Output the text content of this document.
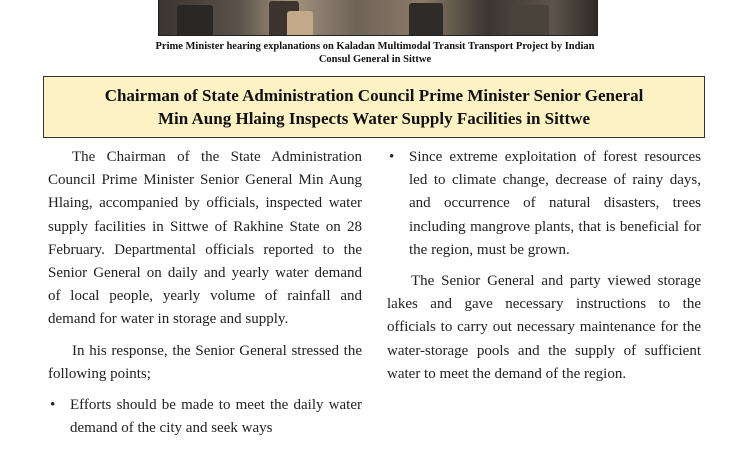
Prime Minister hearing explanations on Kaladan Multimodal Transit Transport Project by Indian
Consul General in Sittwe
Chairman of State Administration Council Prime Minister Senior General
Min Aung Hlaing Inspects Water Supply Facilities in Sittwe

The Chairman of the State Administration Council Prime Minister Senior General Min Aung Hlaing, accompanied by officials, inspected water supply facilities in Sittwe of Rakhine State on 28 February. Departmental officials reported to the Senior General on daily and yearly water demand of local people, yearly volume of rainfall and demand for water in storage and supply.

In his response, the Senior General stressed the following points;

• Efforts should be made to meet the daily water demand of the city and seek ways
• Since extreme exploitation of forest resources led to climate change, decrease of rainy days, and occurrence of natural disasters, trees including mangrove plants, that is beneficial for the region, must be grown.

The Senior General and party viewed storage lakes and gave necessary instructions to the officials to carry out necessary maintenance for the water-storage pools and the supply of sufficient water to meet the demand of the region.
